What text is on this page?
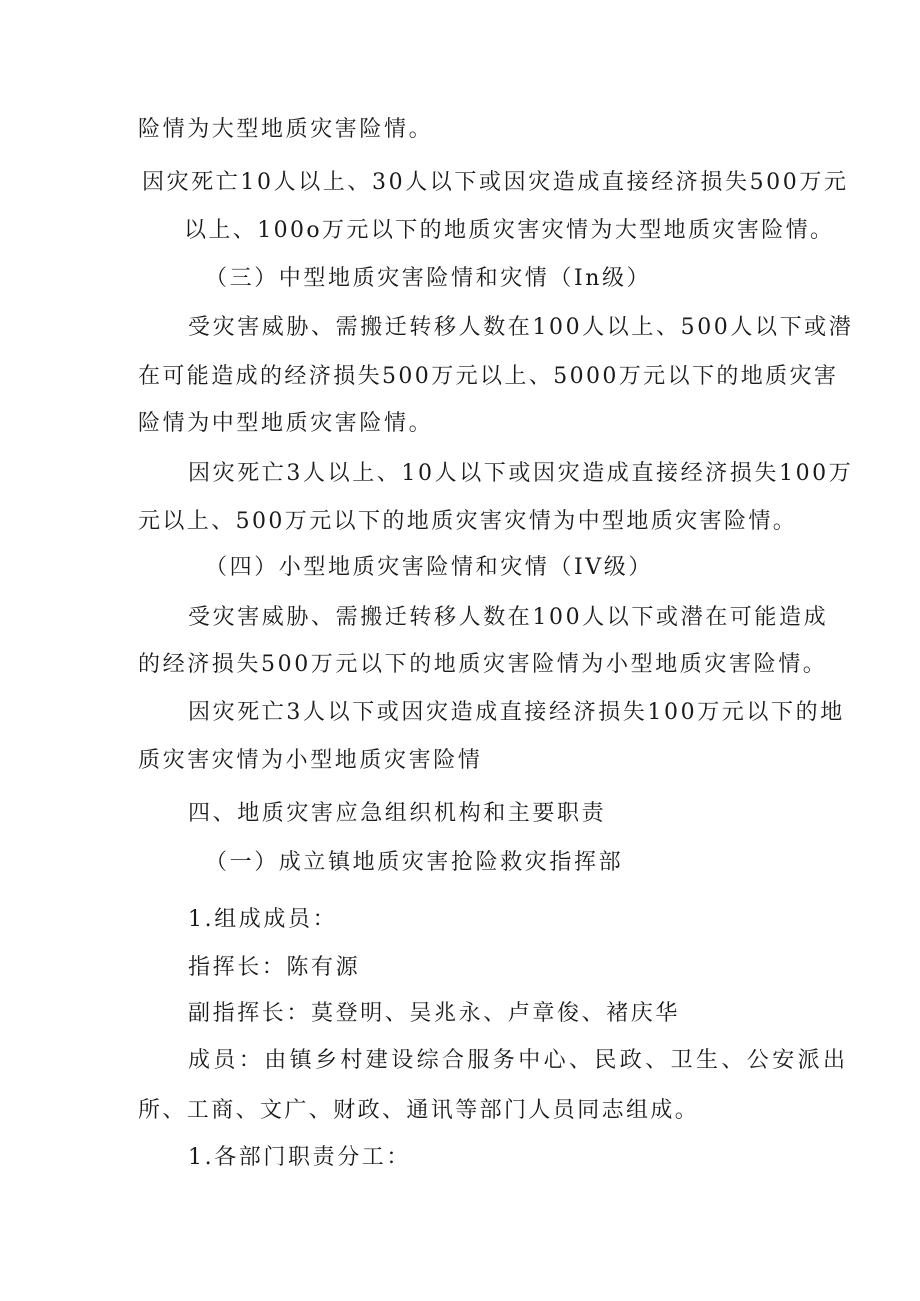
险情为大型地质灾害险情。
因灾死亡10人以上、30人以下或因灾造成直接经济损失500万元
以上、100o万元以下的地质灾害灾情为大型地质灾害险情。
（三）中型地质灾害险情和灾情（In级）
受灾害威胁、需搬迁转移人数在100人以上、500人以下或潜
在可能造成的经济损失500万元以上、5000万元以下的地质灾害
险情为中型地质灾害险情。
因灾死亡3人以上、10人以下或因灾造成直接经济损失100万
元以上、500万元以下的地质灾害灾情为中型地质灾害险情。
（四）小型地质灾害险情和灾情（IV级）
受灾害威胁、需搬迁转移人数在100人以下或潜在可能造成
的经济损失500万元以下的地质灾害险情为小型地质灾害险情。
因灾死亡3人以下或因灾造成直接经济损失100万元以下的地
质灾害灾情为小型地质灾害险情
四、地质灾害应急组织机构和主要职责
（一）成立镇地质灾害抢险救灾指挥部
1.组成成员：
指挥长：陈有源
副指挥长：莫登明、吴兆永、卢章俊、褚庆华
成员：由镇乡村建设综合服务中心、民政、卫生、公安派出
所、工商、文广、财政、通讯等部门人员同志组成。
1.各部门职责分工：
